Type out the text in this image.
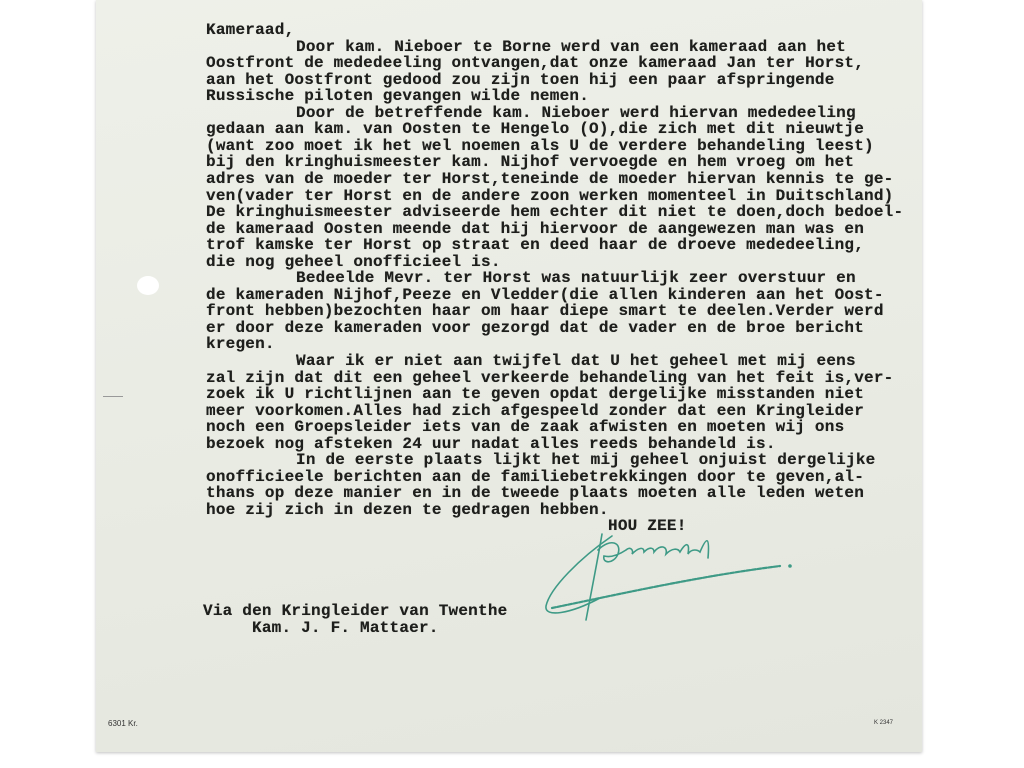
Kameraad,
Door kam. Nieboer te Borne werd van een kameraad aan het
Oostfront de mededeeling ontvangen,dat onze kameraad Jan ter Horst,
aan het Oostfront gedood zou zijn toen hij een paar afspringende
Russische piloten gevangen wilde nemen.
Door de betreffende kam. Nieboer werd hiervan mededeeling
gedaan aan kam. van Oosten te Hengelo (O),die zich met dit nieuwtje
(want zoo moet ik het wel noemen als U de verdere behandeling leest)
bij den kringhuismeester kam. Nijhof vervoegde en hem vroeg om het
adres van de moeder ter Horst,teneinde de moeder hiervan kennis te ge-
ven(vader ter Horst en de andere zoon werken momenteel in Duitschland)
De kringhuismeester adviseerde hem echter dit niet te doen,doch bedoel-
de kameraad Oosten meende dat hij hiervoor de aangewezen man was en
trof kamske ter Horst op straat en deed haar de droeve mededeeling,
die nog geheel onofficieel is.
Bedeelde Mevr. ter Horst was natuurlijk zeer overstuur en
de kameraden Nijhof,Peeze en Vledder(die allen kinderen aan het Oost-
front hebben)bezochten haar om haar diepe smart te deelen.Verder werd
er door deze kameraden voor gezorgd dat de vader en de broe bericht
kregen.
Waar ik er niet aan twijfel dat U het geheel met mij eens
zal zijn dat dit een geheel verkeerde behandeling van het feit is,ver-
zoek ik U richtlijnen aan te geven opdat dergelijke misstanden niet
meer voorkomen.Alles had zich afgespeeld zonder dat een Kringleider
noch een Groepsleider iets van de zaak afwisten en moeten wij ons
bezoek nog afsteken 24 uur nadat alles reeds behandeld is.
In de eerste plaats lijkt het mij geheel onjuist dergelijke
onofficieele berichten aan de familiebetrekkingen door te geven,al-
thans op deze manier en in de tweede plaats moeten alle leden weten
hoe zij zich in dezen te gedragen hebben.
HOU ZEE!
Via den Kringleider van Twenthe
Kam. J. F. Mattaer.
6301 Kr.	K 2347
